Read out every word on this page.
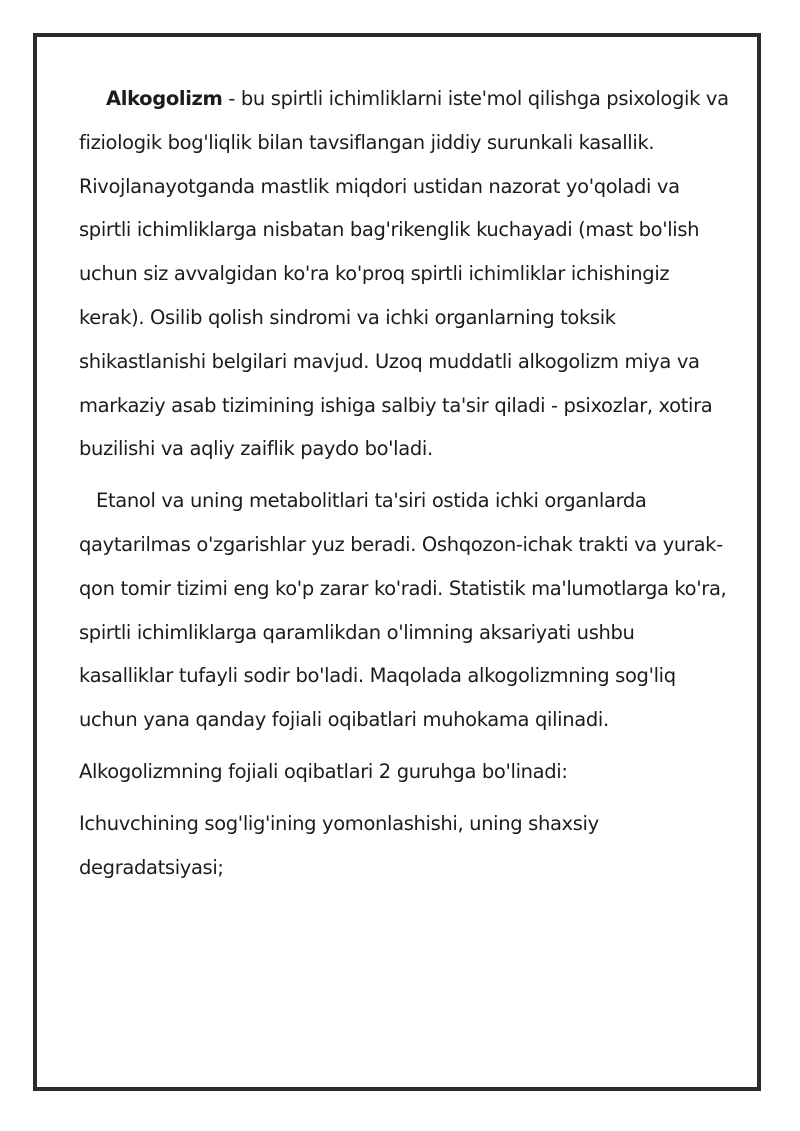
Alkogolizm - bu spirtli ichimliklarni iste'mol qilishga psixologik va fiziologik bog'liqlik bilan tavsiflangan jiddiy surunkali kasallik. Rivojlanayotganda mastlik miqdori ustidan nazorat yo'qoladi va spirtli ichimliklarga nisbatan bag'rikenglik kuchayadi (mast bo'lish uchun siz avvalgidan ko'ra ko'proq spirtli ichimliklar ichishingiz kerak). Osilib qolish sindromi va ichki organlarning toksik shikastlanishi belgilari mavjud. Uzoq muddatli alkogolizm miya va markaziy asab tizimining ishiga salbiy ta'sir qiladi - psixozlar, xotira buzilishi va aqliy zaiflik paydo bo'ladi.

Etanol va uning metabolitlari ta'siri ostida ichki organlarda qaytarilmas o'zgarishlar yuz beradi. Oshqozon-ichak trakti va yurak-qon tomir tizimi eng ko'p zarar ko'radi. Statistik ma'lumotlarga ko'ra, spirtli ichimliklarga qaramlikdan o'limning aksariyati ushbu kasalliklar tufayli sodir bo'ladi. Maqolada alkogolizmning sog'liq uchun yana qanday fojiali oqibatlari muhokama qilinadi.

Alkogolizmning fojiali oqibatlari 2 guruhga bo'linadi:

Ichuvchining sog'lig'ining yomonlashishi, uning shaxsiy degradatsiyasi;
